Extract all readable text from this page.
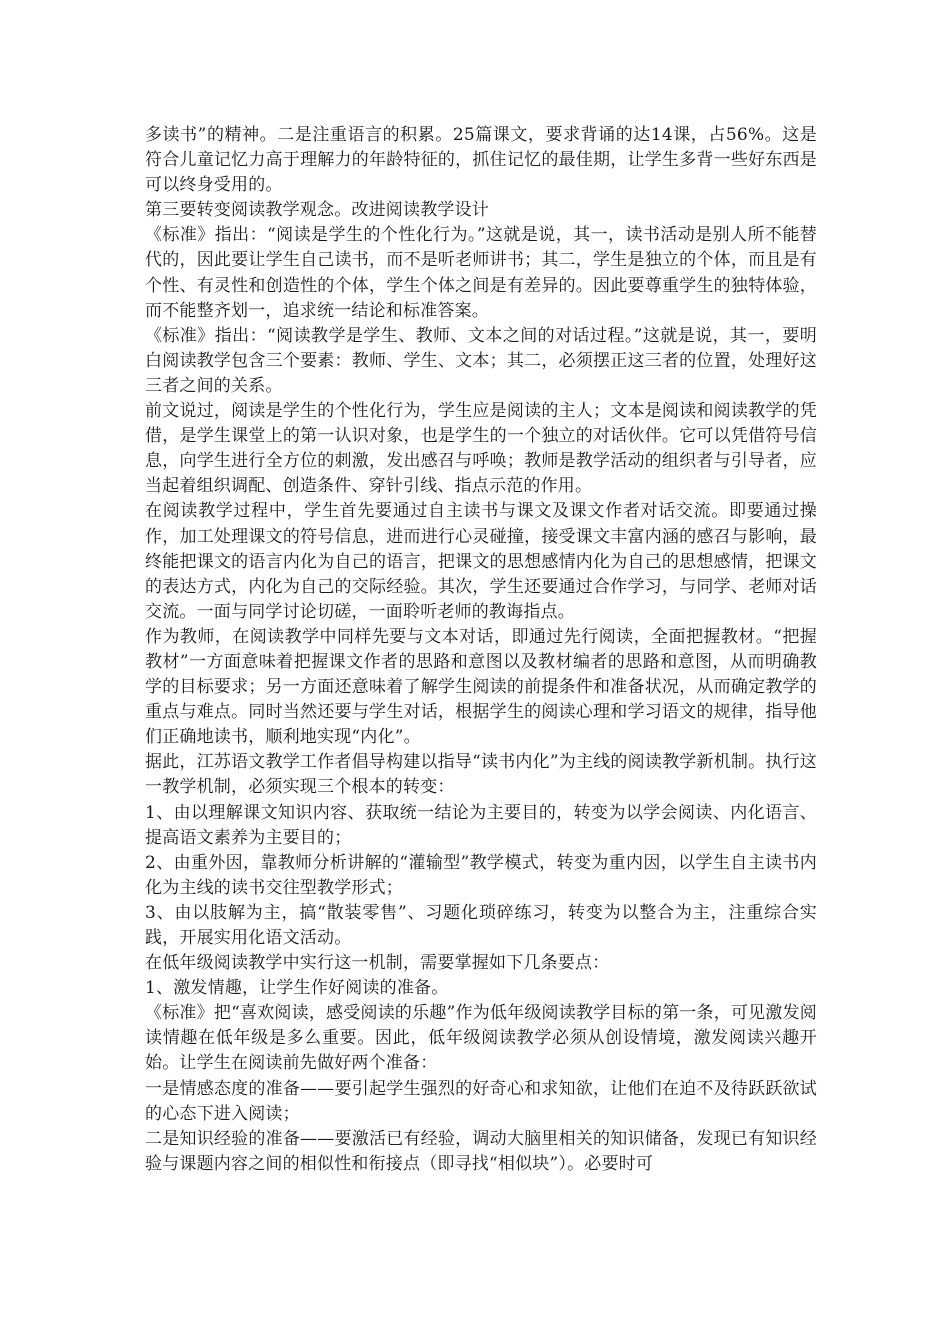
多读书”的精神。二是注重语言的积累。25篇课文，要求背诵的达14课，占56%。这是符合儿童记忆力高于理解力的年龄特征的，抓住记忆的最佳期，让学生多背一些好东西是可以终身受用的。

第三要转变阅读教学观念。改进阅读教学设计

《标准》指出：“阅读是学生的个性化行为。”这就是说，其一，读书活动是别人所不能替代的，因此要让学生自己读书，而不是听老师讲书；其二，学生是独立的个体，而且是有个性、有灵性和创造性的个体，学生个体之间是有差异的。因此要尊重学生的独特体验，而不能整齐划一，追求统一结论和标准答案。

《标准》指出：“阅读教学是学生、教师、文本之间的对话过程。”这就是说，其一，要明白阅读教学包含三个要素：教师、学生、文本；其二，必须摆正这三者的位置，处理好这三者之间的关系。

前文说过，阅读是学生的个性化行为，学生应是阅读的主人；文本是阅读和阅读教学的凭借，是学生课堂上的第一认识对象，也是学生的一个独立的对话伙伴。它可以凭借符号信息，向学生进行全方位的刺激，发出感召与呼唤；教师是教学活动的组织者与引导者，应当起着组织调配、创造条件、穿针引线、指点示范的作用。

在阅读教学过程中，学生首先要通过自主读书与课文及课文作者对话交流。即要通过操作，加工处理课文的符号信息，进而进行心灵碰撞，接受课文丰富内涵的感召与影响，最终能把课文的语言内化为自己的语言，把课文的思想感情内化为自己的思想感情，把课文的表达方式，内化为自己的交际经验。其次，学生还要通过合作学习，与同学、老师对话交流。一面与同学讨论切磋，一面聆听老师的教诲指点。

作为教师，在阅读教学中同样先要与文本对话，即通过先行阅读，全面把握教材。“把握教材”一方面意味着把握课文作者的思路和意图以及教材编者的思路和意图，从而明确教学的目标要求；另一方面还意味着了解学生阅读的前提条件和准备状况，从而确定教学的重点与难点。同时当然还要与学生对话，根据学生的阅读心理和学习语文的规律，指导他们正确地读书，顺利地实现“内化”。

据此，江苏语文教学工作者倡导构建以指导“读书内化”为主线的阅读教学新机制。执行这一教学机制，必须实现三个根本的转变：

1、由以理解课文知识内容、获取统一结论为主要目的，转变为以学会阅读、内化语言、提高语文素养为主要目的；

2、由重外因，靠教师分析讲解的“灌输型”教学模式，转变为重内因，以学生自主读书内化为主线的读书交往型教学形式；

3、由以肢解为主，搞“散装零售”、习题化琐碎练习，转变为以整合为主，注重综合实践，开展实用化语文活动。

在低年级阅读教学中实行这一机制，需要掌握如下几条要点：

1、激发情趣，让学生作好阅读的准备。

《标准》把“喜欢阅读，感受阅读的乐趣”作为低年级阅读教学目标的第一条，可见激发阅读情趣在低年级是多么重要。因此，低年级阅读教学必须从创设情境，激发阅读兴趣开始。让学生在阅读前先做好两个准备：

一是情感态度的准备——要引起学生强烈的好奇心和求知欲，让他们在迫不及待跃跃欲试的心态下进入阅读；

二是知识经验的准备——要激活已有经验，调动大脑里相关的知识储备，发现已有知识经验与课题内容之间的相似性和衔接点（即寻找“相似块”）。必要时可
